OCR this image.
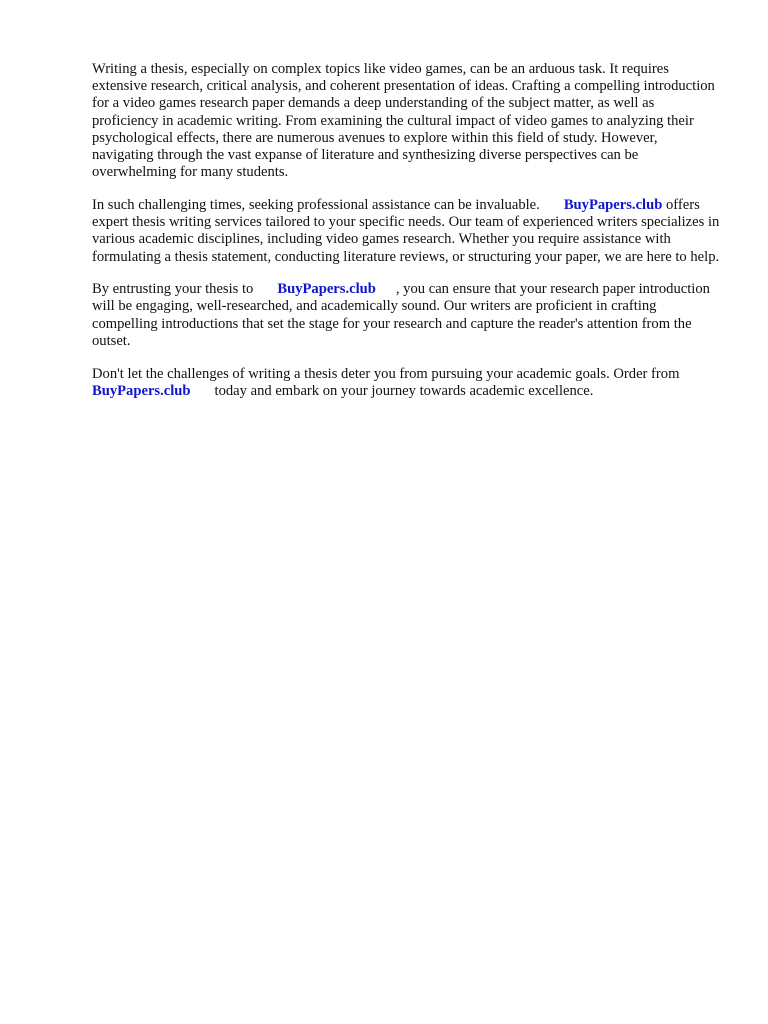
Writing a thesis, especially on complex topics like video games, can be an arduous task. It requires extensive research, critical analysis, and coherent presentation of ideas. Crafting a compelling introduction for a video games research paper demands a deep understanding of the subject matter, as well as proficiency in academic writing. From examining the cultural impact of video games to analyzing their psychological effects, there are numerous avenues to explore within this field of study. However, navigating through the vast expanse of literature and synthesizing diverse perspectives can be overwhelming for many students.

In such challenging times, seeking professional assistance can be invaluable. BuyPapers.club offers expert thesis writing services tailored to your specific needs. Our team of experienced writers specializes in various academic disciplines, including video games research. Whether you require assistance with formulating a thesis statement, conducting literature reviews, or structuring your paper, we are here to help.

By entrusting your thesis to BuyPapers.club , you can ensure that your research paper introduction will be engaging, well-researched, and academically sound. Our writers are proficient in crafting compelling introductions that set the stage for your research and capture the reader's attention from the outset.

Don't let the challenges of writing a thesis deter you from pursuing your academic goals. Order from BuyPapers.club today and embark on your journey towards academic excellence.
